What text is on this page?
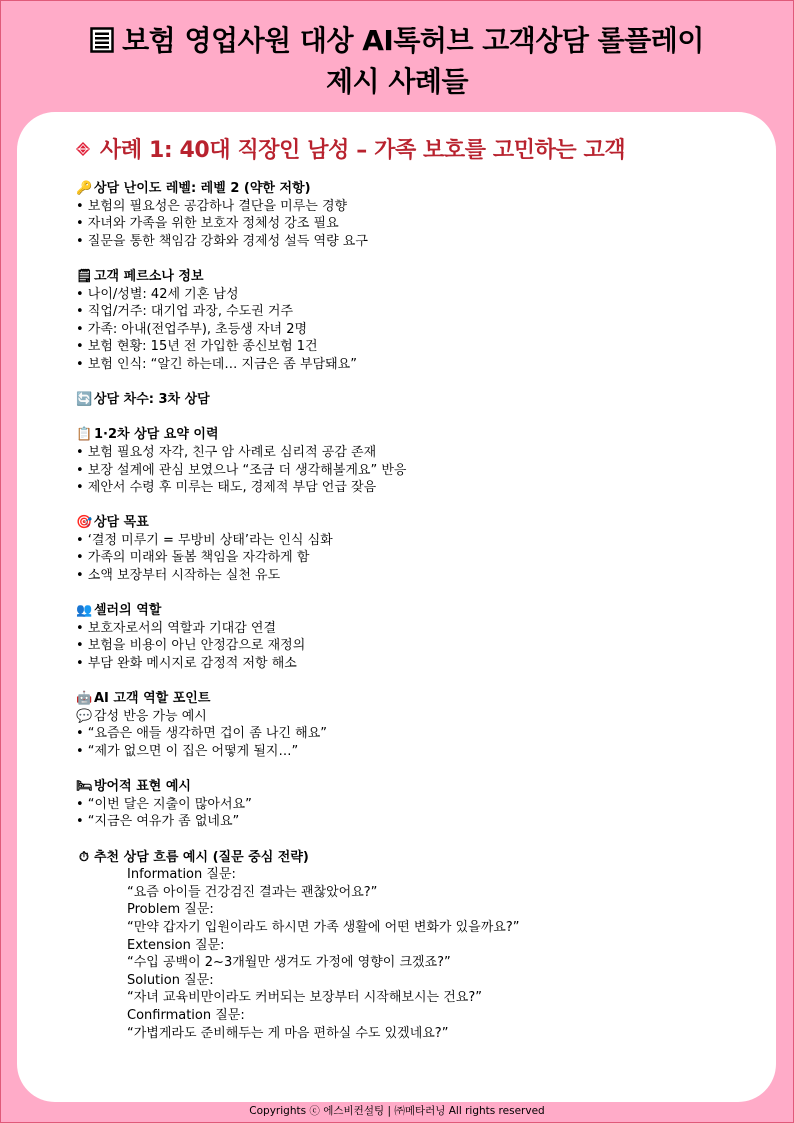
보험 영업사원 대상 AI톡허브 고객상담 롤플레이
제시 사례들
사례 1: 40대 직장인 남성 – 가족 보호를 고민하는 고객
🔑 상담 난이도 레벨: 레벨 2 (약한 저항)
• 보험의 필요성은 공감하나 결단을 미루는 경향
• 자녀와 가족을 위한 보호자 정체성 강조 필요
• 질문을 통한 책임감 강화와 경제성 설득 역량 요구
🗒고객 페르소나 정보
• 나이/성별: 42세 기혼 남성
• 직업/거주: 대기업 과장, 수도권 거주
• 가족: 아내(전업주부), 초등생 자녀 2명
• 보험 현황: 15년 전 가입한 종신보험 1건
• 보험 인식: “알긴 하는데… 지금은 좀 부담돼요”
🔄 상담 차수: 3차 상담
📋 1·2차 상담 요약 이력
• 보험 필요성 자각, 친구 암 사례로 심리적 공감 존재
• 보장 설계에 관심 보였으나 “조금 더 생각해볼게요” 반응
• 제안서 수령 후 미루는 태도, 경제적 부담 언급 잦음
🎯 상담 목표
• ‘결정 미루기 = 무방비 상태’라는 인식 심화
• 가족의 미래와 돌봄 책임을 자각하게 함
• 소액 보장부터 시작하는 실천 유도
👥 셀러의 역할
• 보호자로서의 역할과 기대감 연결
• 보험을 비용이 아닌 안정감으로 재정의
• 부담 완화 메시지로 감정적 저항 해소
🤖 AI 고객 역할 포인트
💬 감성 반응 가능 예시
• “요즘은 애들 생각하면 겁이 좀 나긴 해요”
• “제가 없으면 이 집은 어떻게 될지…”
🛏방어적 표현 예시
• “이번 달은 지출이 많아서요”
• “지금은 여유가 좀 없네요”
⏱ 추천 상담 흐름 예시 (질문 중심 전략)
Information 질문:
“요즘 아이들 건강검진 결과는 괜찮았어요?”
Problem 질문:
“만약 갑자기 입원이라도 하시면 가족 생활에 어떤 변화가 있을까요?”
Extension 질문:
“수입 공백이 2~3개월만 생겨도 가정에 영향이 크겠죠?”
Solution 질문:
“자녀 교육비만이라도 커버되는 보장부터 시작해보시는 건요?”
Confirmation 질문:
“가볍게라도 준비해두는 게 마음 편하실 수도 있겠네요?”
Copyrights ⓒ 에스비컨설팅 | ㈜메타러닝 All rights reserved
